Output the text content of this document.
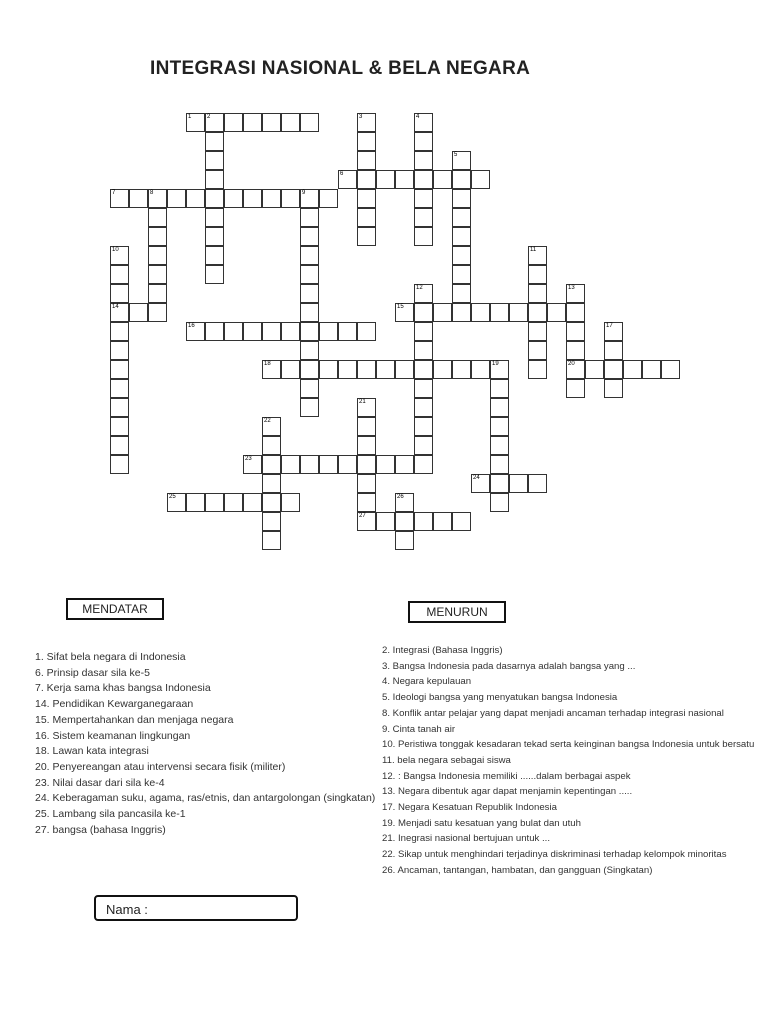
INTEGRASI NASIONAL & BELA NEGARA
1
6
7
14	15
16
18	20
23
24
25
27
2	3	4
5
8	9
10	11
12	13
17
19
21
22
26
MENDATAR	MENURUN
1. Sifat bela negara di Indonesia
6. Prinsip dasar sila ke-5
7. Kerja sama khas bangsa Indonesia
14. Pendidikan Kewarganegaraan
15. Mempertahankan dan menjaga negara
16. Sistem keamanan lingkungan
18. Lawan kata integrasi
20. Penyereangan atau intervensi secara fisik (militer)
23. Nilai dasar dari sila ke-4
24. Keberagaman suku, agama, ras/etnis, dan antargolongan (singkatan)
25. Lambang sila pancasila ke-1
27. bangsa (bahasa Inggris)
2. Integrasi (Bahasa Inggris)
3. Bangsa Indonesia pada dasarnya adalah bangsa yang ...
4. Negara kepulauan
5. Ideologi bangsa yang menyatukan bangsa Indonesia
8. Konflik antar pelajar yang dapat menjadi ancaman terhadap integrasi nasional
9. Cinta tanah air
10. Peristiwa tonggak kesadaran tekad serta keinginan bangsa Indonesia untuk bersatu
11. bela negara sebagai siswa
12. : Bangsa Indonesia memiliki ......dalam berbagai aspek
13. Negara dibentuk agar dapat menjamin kepentingan .....
17. Negara Kesatuan Republik Indonesia
19. Menjadi satu kesatuan yang bulat dan utuh
21. Inegrasi nasional bertujuan untuk ...
22. Sikap untuk menghindari terjadinya diskriminasi terhadap kelompok minoritas
26. Ancaman, tantangan, hambatan, dan gangguan (Singkatan)
Nama :
